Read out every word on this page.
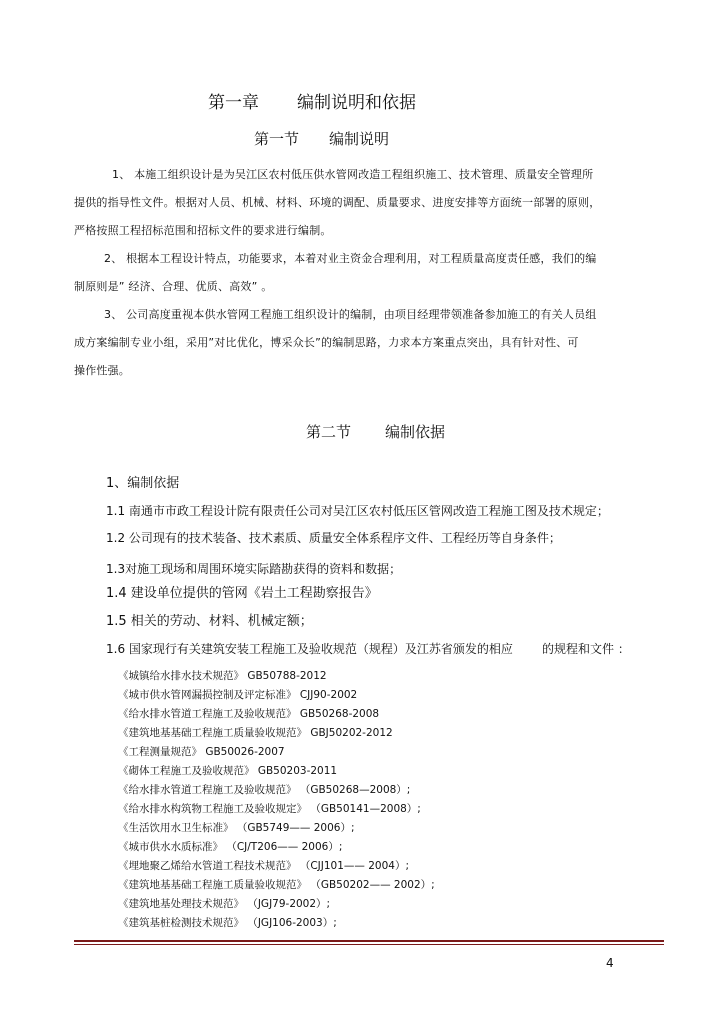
第一章 编制说明和依据
第一节 编制说明
1、 本施工组织设计是为吴江区农村低压供水管网改造工程组织施工、技术管理、质量安全管理所
提供的指导性文件。根据对人员、机械、材料、环境的调配、质量要求、进度安排等方面统一部署的原则，
严格按照工程招标范围和招标文件的要求进行编制。
2、 根据本工程设计特点，功能要求，本着对业主资金合理利用，对工程质量高度责任感，我们的编
制原则是” 经济、合理、优质、高效” 。
3、 公司高度重视本供水管网工程施工组织设计的编制，由项目经理带领准备参加施工的有关人员组
成方案编制专业小组，采用”对比优化，博采众长”的编制思路，力求本方案重点突出，具有针对性、可
操作性强。
第二节 编制依据
1、编制依据
1.1 南通市市政工程设计院有限责任公司对吴江区农村低压区管网改造工程施工图及技术规定；
1.2 公司现有的技术装备、技术素质、质量安全体系程序文件、工程经历等自身条件；
1.3对施工现场和周围环境实际踏勘获得的资料和数据；
1.4 建设单位提供的管网《岩土工程勘察报告》
1.5 相关的劳动、材料、机械定额；
1.6 国家现行有关建筑安装工程施工及验收规范（规程）及江苏省颁发的相应 的规程和文件 ：
《城镇给水排水技术规范》 GB50788-2012
《城市供水管网漏损控制及评定标准》 CJJ90-2002
《给水排水管道工程施工及验收规范》 GB50268-2008
《建筑地基基础工程施工质量验收规范》 GBJ50202-2012
《工程测量规范》 GB50026-2007
《砌体工程施工及验收规范》 GB50203-2011
《给水排水管道工程施工及验收规范》 （GB50268—2008）;
《给水排水构筑物工程施工及验收规定》 （GB50141—2008）;
《生活饮用水卫生标准》 （GB5749—— 2006）;
《城市供水水质标准》 （CJ/T206—— 2006）;
《埋地聚乙烯给水管道工程技术规范》 （CJJ101—— 2004）;
《建筑地基基础工程施工质量验收规范》 （GB50202—— 2002）;
《建筑地基处理技术规范》 （JGJ79-2002）;
《建筑基桩检测技术规范》 （JGJ106-2003）;
4
